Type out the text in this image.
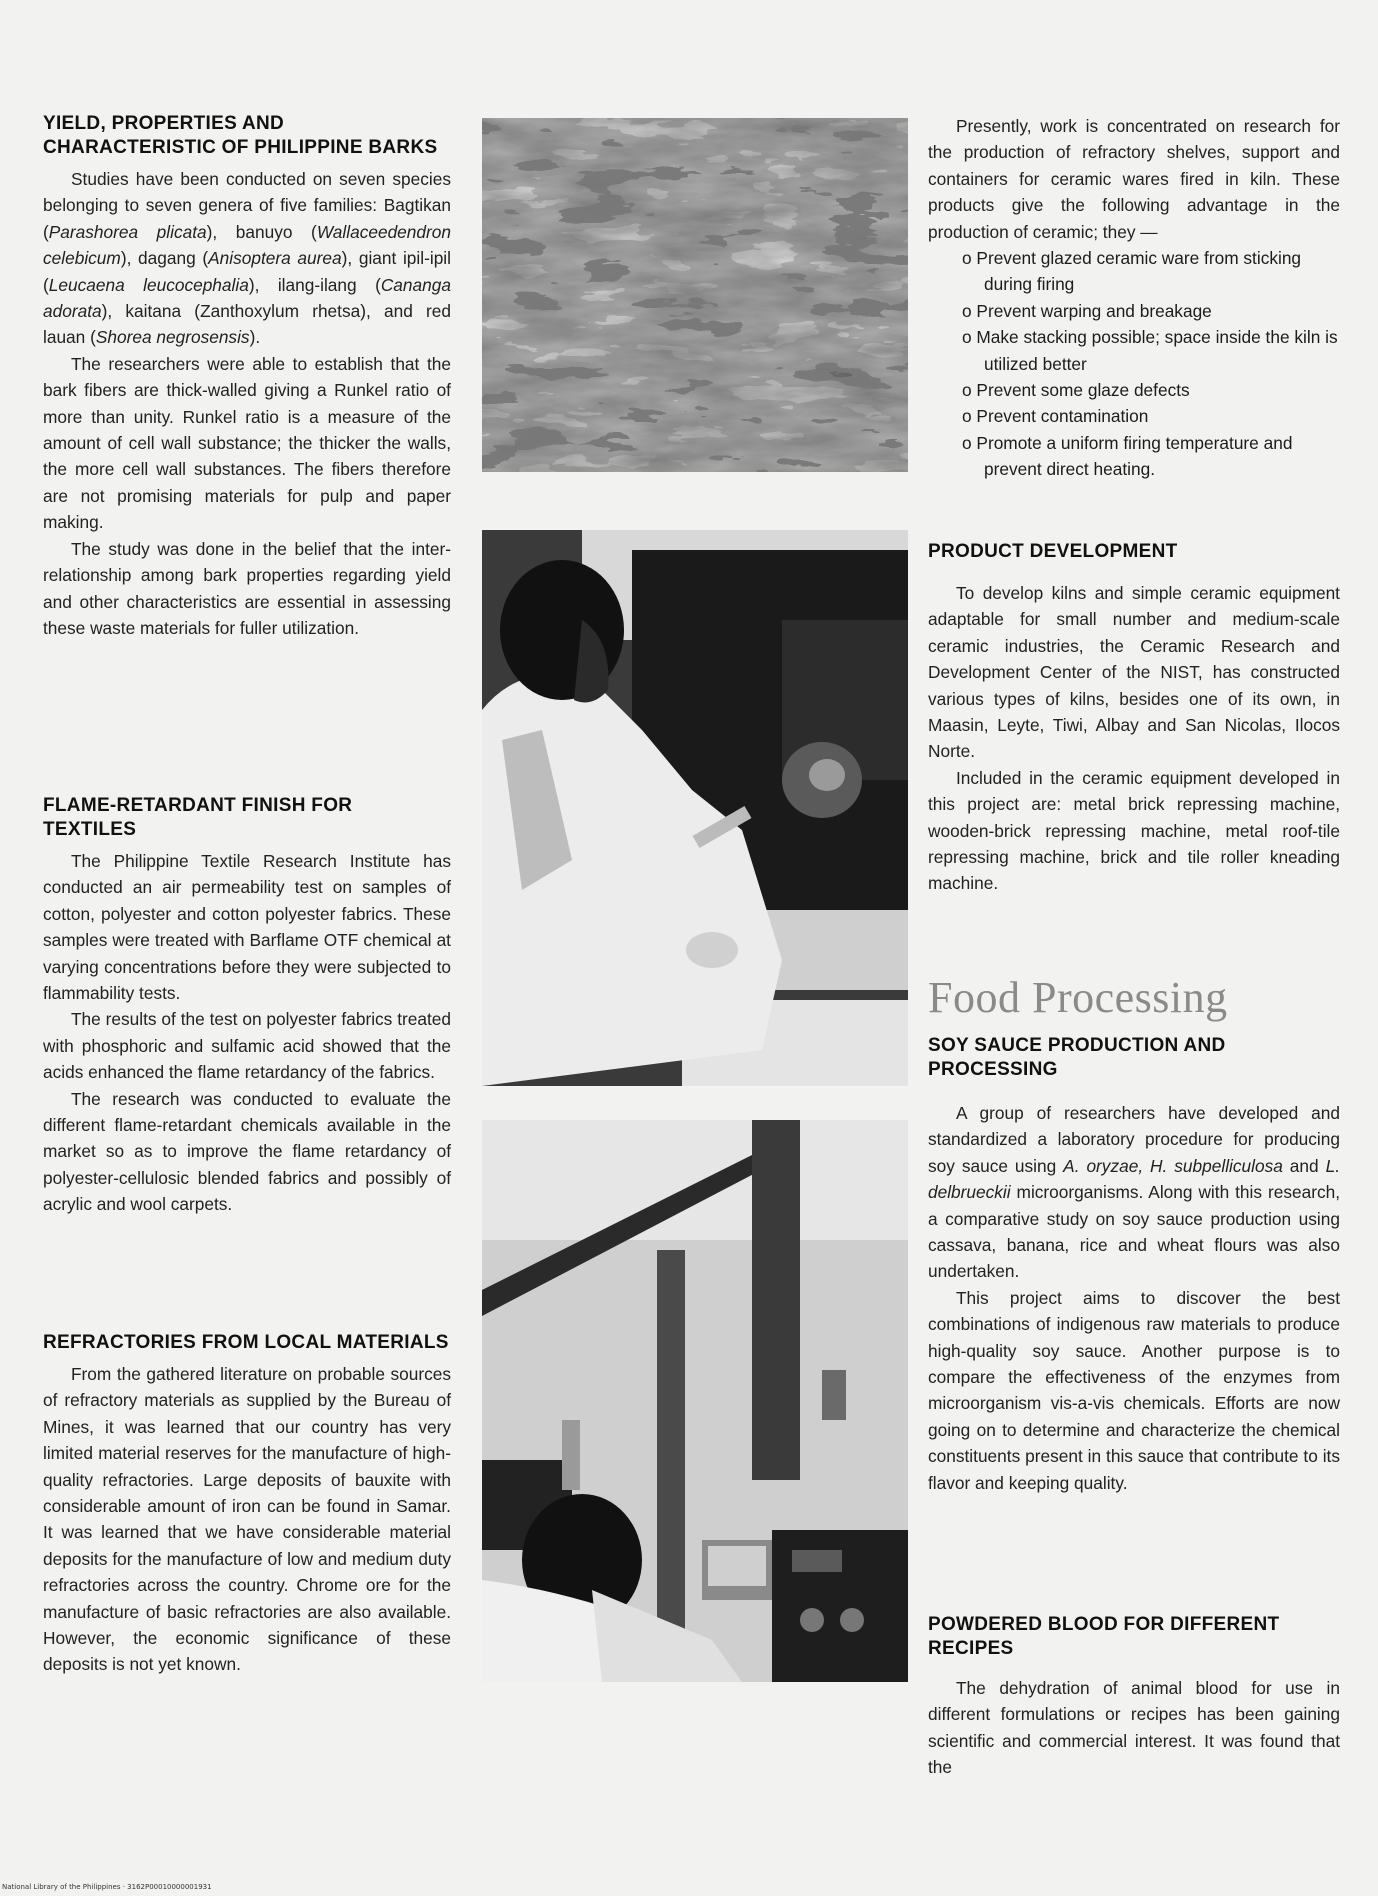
YIELD, PROPERTIES AND CHARACTERISTIC OF PHILIPPINE BARKS

Studies have been conducted on seven species belonging to seven genera of five families: Bagtikan (Parashorea plicata), banuyo (Wallaceedendron celebicum), dagang (Anisoptera aurea), giant ipil-ipil (Leucaena leucocephalia), ilang-ilang (Cananga adorata), kaitana (Zanthoxylum rhetsa), and red lauan (Shorea negrosensis).

The researchers were able to establish that the bark fibers are thick-walled giving a Runkel ratio of more than unity. Runkel ratio is a measure of the amount of cell wall substance; the thicker the walls, the more cell wall substances. The fibers therefore are not promising materials for pulp and paper making.

The study was done in the belief that the inter-relationship among bark properties regarding yield and other characteristics are essential in assessing these waste materials for fuller utilization.

FLAME-RETARDANT FINISH FOR TEXTILES

The Philippine Textile Research Institute has conducted an air permeability test on samples of cotton, polyester and cotton polyester fabrics. These samples were treated with Barflame OTF chemical at varying concentrations before they were subjected to flammability tests.

The results of the test on polyester fabrics treated with phosphoric and sulfamic acid showed that the acids enhanced the flame retardancy of the fabrics.

The research was conducted to evaluate the different flame-retardant chemicals available in the market so as to improve the flame retardancy of polyester-cellulosic blended fabrics and possibly of acrylic and wool carpets.

REFRACTORIES FROM LOCAL MATERIALS

From the gathered literature on probable sources of refractory materials as supplied by the Bureau of Mines, it was learned that our country has very limited material reserves for the manufacture of high-quality refractories. Large deposits of bauxite with considerable amount of iron can be found in Samar. It was learned that we have considerable material deposits for the manufacture of low and medium duty refractories across the country. Chrome ore for the manufacture of basic refractories are also available. However, the economic significance of these deposits is not yet known.

Presently, work is concentrated on research for the production of refractory shelves, support and containers for ceramic wares fired in kiln. These products give the following advantage in the production of ceramic; they —

o Prevent glazed ceramic ware from sticking during firing
o Prevent warping and breakage
o Make stacking possible; space inside the kiln is utilized better
o Prevent some glaze defects
o Prevent contamination
o Promote a uniform firing temperature and prevent direct heating.
PRODUCT DEVELOPMENT

To develop kilns and simple ceramic equipment adaptable for small number and medium-scale ceramic industries, the Ceramic Research and Development Center of the NIST, has constructed various types of kilns, besides one of its own, in Maasin, Leyte, Tiwi, Albay and San Nicolas, Ilocos Norte.

Included in the ceramic equipment developed in this project are: metal brick repressing machine, wooden-brick repressing machine, metal roof-tile repressing machine, brick and tile roller kneading machine.

Food Processing

SOY SAUCE PRODUCTION AND PROCESSING

A group of researchers have developed and standardized a laboratory procedure for producing soy sauce using A. oryzae, H. subpelliculosa and L. delbrueckii microorganisms. Along with this research, a comparative study on soy sauce production using cassava, banana, rice and wheat flours was also undertaken.

This project aims to discover the best combinations of indigenous raw materials to produce high-quality soy sauce. Another purpose is to compare the effectiveness of the enzymes from microorganism vis-a-vis chemicals. Efforts are now going on to determine and characterize the chemical constituents present in this sauce that contribute to its flavor and keeping quality.

POWDERED BLOOD FOR DIFFERENT RECIPES

The dehydration of animal blood for use in different formulations or recipes has been gaining scientific and commercial interest. It was found that the

National Library of the Philippines · 3162P00010000001931
